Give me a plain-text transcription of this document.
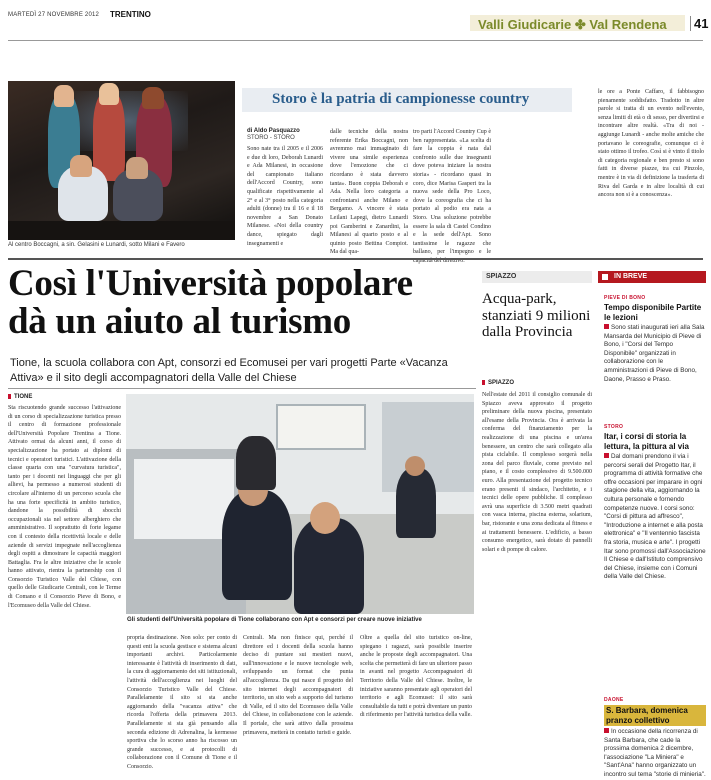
MARTEDÌ 27 NOVEMBRE 2012 TRENTINO
Valli Giudicarie ✤ Val Rendena	41
Al centro Boccagni, a sin. Gelasini e Lunardi, sotto Milani e Favero
Storo è la patria di campionesse country
di Aldo Pasquazzo
STORO - STORO
Sono nate tra il 2005 e il 2006 e due di loro, Deborah Lunardi e Ada Milanesi, in occasione del campionato italiano dell'Accord Country, sono qualificate rispettivamente al 2° e al 3° posto nella categoria adulti (donne) tra il 16 e il 18 novembre a San Donato Milanese. «Noi della country dance, spiegato dagli insegnamenti e
dalle tecniche della nostra referente Erika Boccagni, non avremmo mai immaginato di vivere una simile esperienza dove l'emozione che ci ricordano è stata davvero tanta». Buon coppia Deborah e Ada. Nella loro categoria a confrontarsi anche Milano e Bergamo. A vincere è stata Leilani Lapegi, dietro Lunardi poi Gamberini e Zanardini, la Milanesi al quarto posto e al quinto posto Bettina Compiot. Ma dal qua-
tro parti l'Accord Country Cup è ben rappresentata. «La scelta di fare la coppia è nata dal confronto sulle due insegnanti dove poteva iniziare la nostra storia» - ricordano quasi in coro, dice Marisa Gasperi tra la nuova sede della Pro Loco, dove la coreografia che ci ha portato al podio era nata a Storo. Una soluzione potrebbe essere la sala di Castel Condino e la sede dell'Apt. Sono tantissime le ragazze che ballano, per l'impegno e le capacità del direttivo.
le ore a Ponte Caffaro, il fabbisogno pienamente soddisfatto. Tradotto in altre parole si tratta di un evento nell'evento, senza limiti di età o di sesso, per divertirsi e incontrare altre realtà. «Tra di noi - aggiunge Lunardi - anche molte amiche che portavano le coreografie, comunque ci è stato ottimo il trofeo. Così si è vinto il titolo di categoria regionale e ben presto si sono fatti in diverse piazze, tra cui Pinzolo, mentre è in via di definizione la trasferta di Riva del Garda e in altre località di cui ancora non si è a conoscenza».
Così l'Università popolare
dà un aiuto al turismo
Tione, la scuola collabora con Apt, consorzi ed Ecomusei per vari progetti Parte «Vacanza Attiva» e il sito degli accompagnatori della Valle del Chiese
TIONE
Sta riscuotendo grande successo l'attivazione di un corso di specializzazione turistica presso il centro di formazione professionale dell'Università Popolare Trentina a Tione. Attivato ormai da alcuni anni, il corso di specializzazione ha portato ai diplomi di tecnici e operatori turistici. L'attivazione della classe quarta con una "curvatura turistica", tanto per i docenti nei linguaggi che per gli allievi, ha permesso a numerosi studenti di circolare all'interno di un percorso scuola che ha una forte specificità in ambito turistico, dandone la possibilità di sbocchi occupazionali sia nel settore alberghiero che amministrativo. Il soprattutto di forte legame con il contesto della ricettività locale e delle aziende di servizi impegnate nell'accoglienza degli ospiti a dimostrare le capacità maggiori Battaglia. Fra le altre iniziative che le scuole hanno attivato, rientra la partnership con il Consorzio Turistico Valle del Chiese, con quello delle Giudicarie Centrali, con le Terme di Comano e il Consorzio Pieve di Bono, e l'Ecomuseo della Valle del Chiese.
Gli studenti dell'Università popolare di Tione collaborano con Apt e consorzi per creare nuove iniziative
propria destinazione. Non solo: per conto di questi enti la scuola gestisce e sistema alcuni importanti archivi. Particolarmente interessante è l'attività di inserimento di dati, la cura di aggiornamento dei siti istituzionali, l'attività dell'accoglienza nei luoghi del Consorzio Turistico Valle del Chiese. Parallelamente il sito si sta anche aggiornando della "vacanza attiva" che ricorda l'offerta della primavera 2013. Parallelamente si sta già pensando alla seconda edizione di Adrenalina, la kermesse sportiva che lo scorso anno ha riscosso un grande successo, e ai protocolli di collaborazione con il Comune di Tione e il Consorzio.
Centrali. Ma non finisce qui, perché il direttore ed i docenti della scuola hanno deciso di puntare sui mestieri nuovi, sull'innovazione e le nuove tecnologie web, sviluppando un format che punta all'accoglienza. Da qui nasce il progetto del sito internet degli accompagnatori di territorio, un sito web a supporto del turismo di Valle, ed il sito del Ecomuseo della Valle del Chiese, in collaborazione con le aziende. Il portale, che sarà attivo dalla prossima primavera, metterà in contatto turisti e guide.
Oltre a quella del sito turistico on-line, spiegano i ragazzi, sarà possibile inserire anche le proposte degli accompagnatori. Una scelta che permetterà di fare un ulteriore passo in avanti nel progetto Accompagnatori di Territorio della Valle del Chiese. Inoltre, le iniziative saranno presentate agli operatori del territorio e agli Ecomusei: il sito sarà consultabile da tutti e potrà diventare un punto di riferimento per l'attività turistica della valle.
SPIAZZO
Acqua-park, stanziati 9 milioni dalla Provincia
SPIAZZO
Nell'estate del 2011 il consiglio comunale di Spiazzo aveva approvato il progetto preliminare della nuova piscina, presentato all'esame della Provincia. Ora è arrivata la conferma del finanziamento per la realizzazione di una piscina e un'area benessere, un centro che sarà collegato alla pista ciclabile. Il complesso sorgerà nella zona del parco fluviale, come previsto nel piano, e il costo complessivo di 9.500.000 euro. Alla presentazione del progetto tecnico erano presenti il sindaco, l'architetto, e i tecnici delle opere pubbliche. Il complesso avrà una superficie di 3.500 metri quadrati con vasca interna, piscina esterna, solarium, bar, ristorante e una zona dedicata al fitness e ai trattamenti benessere. L'edificio, a basso consumo energetico, sarà dotato di pannelli solari e di pompe di calore.
IN BREVE
PIEVE DI BONO
Tempo disponibile Partite le lezioni
Sono stati inaugurati ieri alla Sala Mansarda del Municipio di Pieve di Bono, i "Corsi del Tempo Disponibile" organizzati in collaborazione con le amministrazioni di Pieve di Bono, Daone, Prasso e Praso.
STORO
Itar, i corsi di storia la lettura, la pittura al via
Dal domani prendono il via i percorsi serali del Progetto Itar, il programma di attività formative che offre occasioni per imparare in ogni stagione della vita, aggiornando la cultura personale e fornendo competenze nuove. I corsi sono: "Corsi di pittura ad affresco", "Introduzione a internet e alla posta elettronica" e "Il ventennio fascista fra storia, musica e arte". I progetti Itar sono promossi dall'Associazione Il Chiese e dall'Istituto comprensivo del Chiese, insieme con i Comuni della Valle del Chiese.
DAONE
S. Barbara, domenica pranzo collettivo
In occasione della ricorrenza di Santa Barbara, che cade la prossima domenica 2 dicembre, l'associazione "La Miniera" e "Sant'Ana" hanno organizzato un incontro sul tema "storie di minieria".
